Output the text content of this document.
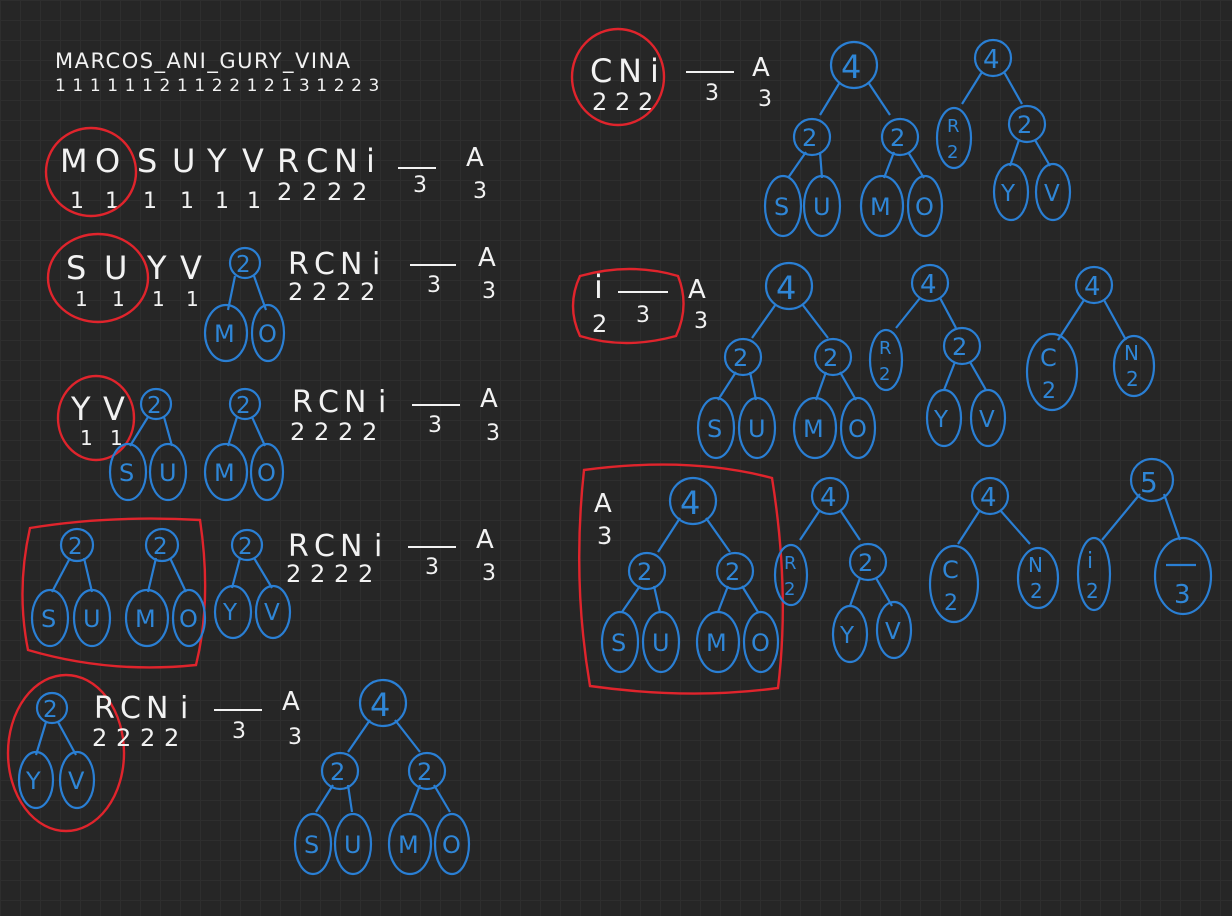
MARCOS_ANI_GURY_VINA
1 1 1 1 1 1 2 1 1 2 2 1 2 1 3 1 2 2 3
M O S U Y V R C N i	A
1 1 1 1 1 1 2 2 2 2 3 3
S U Y V
1 1 1 1
2
M O
R C N i	A
2 2 2 2 3 3
Y V
1 1
2
S U
2
M O
R C N i	A
2 2 2 2 3 3
2
S U
2
M O
2
Y V
R C N i	A
2 2 2 2 3 3
2
Y V
R C N i	A
2 2 2 2 3 3
4
2	2
S U M O
C N i	A
2 2 2 3 3
4
2	2
S U M O
4
R
2
2
Y V
i	A
2 3 3
4
2	2
S U M O
4
R
2
2
Y V
4
C
2
N
2
A
3
4
2	2
S U M O
4
R
2
2
Y V
4
C
2
N
2
5
i
2	3
